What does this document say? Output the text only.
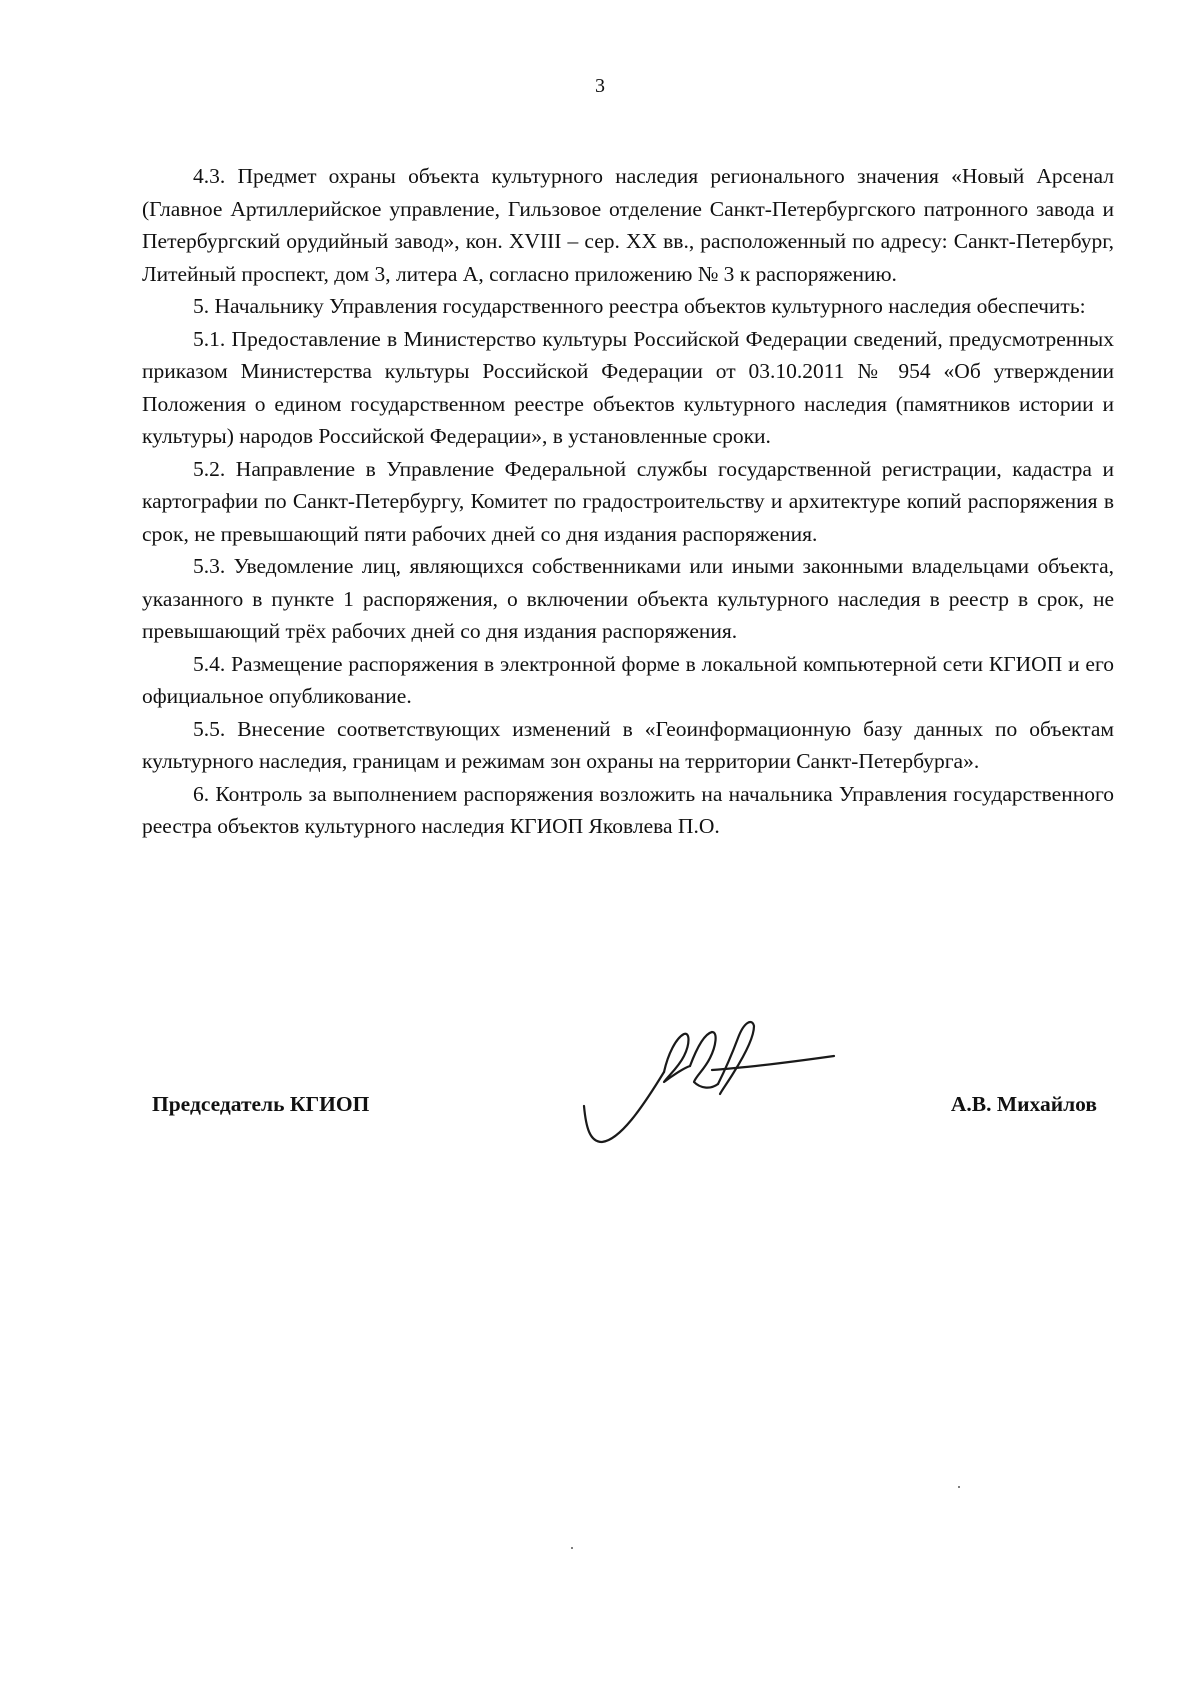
3

4.3. Предмет охраны объекта культурного наследия регионального значения «Новый Арсенал (Главное Артиллерийское управление, Гильзовое отделение Санкт-Петербургского патронного завода и Петербургский орудийный завод», кон. XVIII – сер. XX вв., расположенный по адресу: Санкт-Петербург, Литейный проспект, дом 3, литера А, согласно приложению № 3 к распоряжению.

5. Начальнику Управления государственного реестра объектов культурного наследия обеспечить:

5.1. Предоставление в Министерство культуры Российской Федерации сведений, предусмотренных приказом Министерства культуры Российской Федерации от 03.10.2011 № 954 «Об утверждении Положения о едином государственном реестре объектов культурного наследия (памятников истории и культуры) народов Российской Федерации», в установленные сроки.

5.2. Направление в Управление Федеральной службы государственной регистрации, кадастра и картографии по Санкт-Петербургу, Комитет по градостроительству и архитектуре копий распоряжения в срок, не превышающий пяти рабочих дней со дня издания распоряжения.

5.3. Уведомление лиц, являющихся собственниками или иными законными владельцами объекта, указанного в пункте 1 распоряжения, о включении объекта культурного наследия в реестр в срок, не превышающий трёх рабочих дней со дня издания распоряжения.

5.4. Размещение распоряжения в электронной форме в локальной компьютерной сети КГИОП и его официальное опубликование.

5.5. Внесение соответствующих изменений в «Геоинформационную базу данных по объектам культурного наследия, границам и режимам зон охраны на территории Санкт-Петербурга».

6. Контроль за выполнением распоряжения возложить на начальника Управления государственного реестра объектов культурного наследия КГИОП Яковлева П.О.

Председатель КГИОП	А.В. Михайлов
